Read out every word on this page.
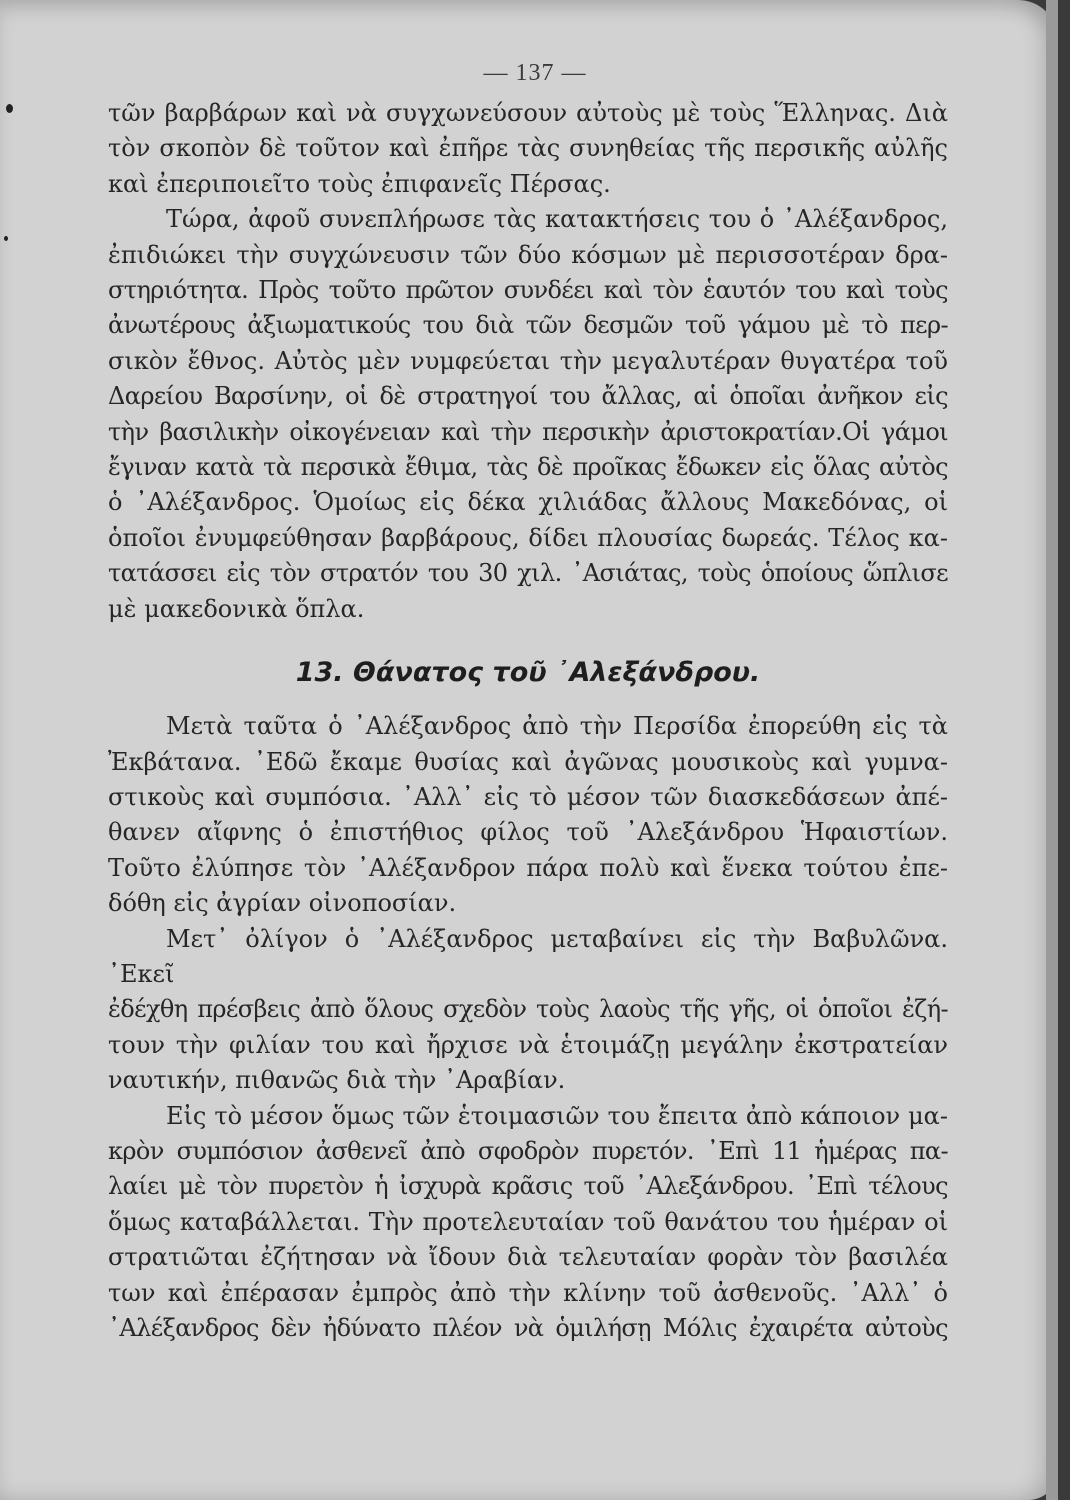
— 137 —

τῶν βαρβάρων καὶ νὰ συγχωνεύσουν αὐτοὺς μὲ τοὺς Ἕλληνας. Διὰ

τὸν σκοπὸν δὲ τοῦτον καὶ ἐπῆρε τὰς συνηθείας τῆς περσικῆς αὐλῆς

καὶ ἐπεριποιεῖτο τοὺς ἐπιφανεῖς Πέρσας.

Τώρα, ἀφοῦ συνεπλήρωσε τὰς κατακτήσεις του ὁ ᾿Αλέξανδρος,

ἐπιδιώκει τὴν συγχώνευσιν τῶν δύο κόσμων μὲ περισσοτέραν δρα-

στηριότητα. Πρὸς τοῦτο πρῶτον συνδέει καὶ τὸν ἑαυτόν του καὶ τοὺς

ἀνωτέρους ἀξιωματικούς του διὰ τῶν δεσμῶν τοῦ γάμου μὲ τὸ περ-

σικὸν ἔθνος. Αὐτὸς μὲν νυμφεύεται τὴν μεγαλυτέραν θυγατέρα τοῦ

Δαρείου Βαρσίνην, οἱ δὲ στρατηγοί του ἄλλας, αἱ ὁποῖαι ἀνῆκον εἰς

τὴν βασιλικὴν οἰκογένειαν καὶ τὴν περσικὴν ἀριστοκρατίαν.Οἱ γάμοι

ἔγιναν κατὰ τὰ περσικὰ ἔθιμα, τὰς δὲ προῖκας ἔδωκεν εἰς ὅλας αὐτὸς

ὁ ᾿Αλέξανδρος. Ὁμοίως εἰς δέκα χιλιάδας ἄλλους Μακεδόνας, οἱ

ὁποῖοι ἐνυμφεύθησαν βαρβάρους, δίδει πλουσίας δωρεάς. Τέλος κα-

τατάσσει εἰς τὸν στρατόν του 30 χιλ. ᾿Ασιάτας, τοὺς ὁποίους ὥπλισε

μὲ μακεδονικὰ ὅπλα.

13. Θάνατος τοῦ ᾿Αλεξάνδρου.

Μετὰ ταῦτα ὁ ᾿Αλέξανδρος ἀπὸ τὴν Περσίδα ἐπορεύθη εἰς τὰ

Ἐκβάτανα. ᾿Εδῶ ἔκαμε θυσίας καὶ ἀγῶνας μουσικοὺς καὶ γυμνα-

στικοὺς καὶ συμπόσια. ᾿Αλλ᾿ εἰς τὸ μέσον τῶν διασκεδάσεων ἀπέ-

θανεν αἴφνης ὁ ἐπιστήθιος φίλος τοῦ ᾿Αλεξάνδρου Ἡφαιστίων.

Τοῦτο ἐλύπησε τὸν ᾿Αλέξανδρον πάρα πολὺ καὶ ἕνεκα τούτου ἐπε-

δόθη εἰς ἀγρίαν οἰνοποσίαν.

Μετ᾿ ὀλίγον ὁ ᾿Αλέξανδρος μεταβαίνει εἰς τὴν Βαβυλῶνα. ᾿Εκεῖ

ἐδέχθη πρέσβεις ἀπὸ ὅλους σχεδὸν τοὺς λαοὺς τῆς γῆς, οἱ ὁποῖοι ἐζή-

τουν τὴν φιλίαν του καὶ ἤρχισε νὰ ἑτοιμάζῃ μεγάλην ἐκστρατείαν

ναυτικήν, πιθανῶς διὰ τὴν ᾿Αραβίαν.

Εἰς τὸ μέσον ὅμως τῶν ἑτοιμασιῶν του ἔπειτα ἀπὸ κάποιον μα-

κρὸν συμπόσιον ἀσθενεῖ ἀπὸ σφοδρὸν πυρετόν. ᾿Επὶ 11 ἡμέρας πα-

λαίει μὲ τὸν πυρετὸν ἡ ἰσχυρὰ κρᾶσις τοῦ ᾿Αλεξάνδρου. ᾿Επὶ τέλους

ὅμως καταβάλλεται. Τὴν προτελευταίαν τοῦ θανάτου του ἡμέραν οἱ

στρατιῶται ἐζήτησαν νὰ ἴδουν διὰ τελευταίαν φορὰν τὸν βασιλέα

των καὶ ἐπέρασαν ἐμπρὸς ἀπὸ τὴν κλίνην τοῦ ἀσθενοῦς. ᾿Αλλ᾿ ὁ

᾿Αλέξανδρος δὲν ἠδύνατο πλέον νὰ ὁμιλήσῃ Μόλις ἐχαιρέτα αὐτοὺς
